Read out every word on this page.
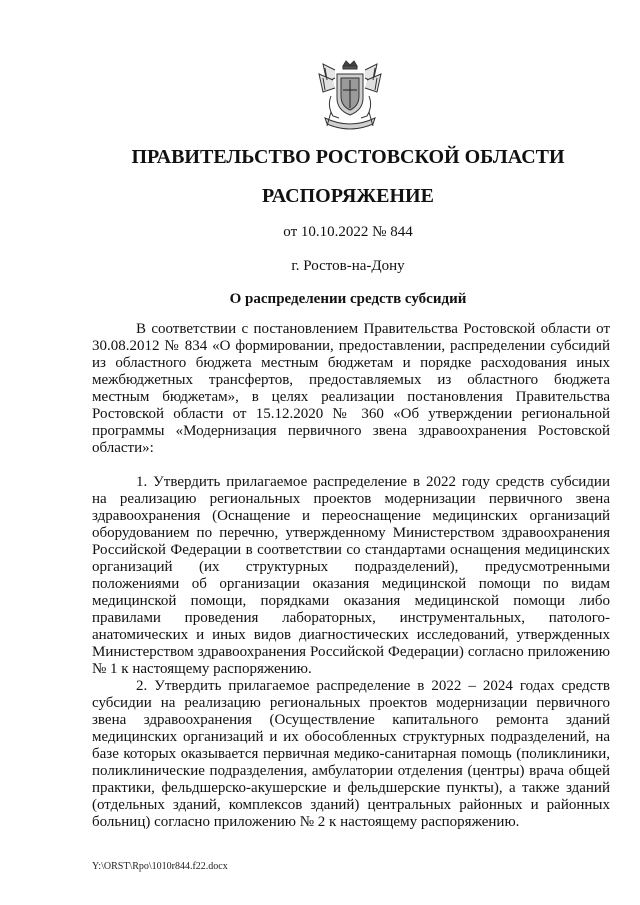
ПРАВИТЕЛЬСТВО РОСТОВСКОЙ ОБЛАСТИ
РАСПОРЯЖЕНИЕ
от 10.10.2022 № 844
г. Ростов-на-Дону
О распределении средств субсидий

В соответствии с постановлением Правительства Ростовской области от 30.08.2012 № 834 «О формировании, предоставлении, распределении субсидий из областного бюджета местным бюджетам и порядке расходования иных межбюджетных трансфертов, предоставляемых из областного бюджета местным бюджетам», в целях реализации постановления Правительства Ростовской области от 15.12.2020 № 360 «Об утверждении региональной программы «Модернизация первичного звена здравоохранения Ростовской области»:

1. Утвердить прилагаемое распределение в 2022 году средств субсидии на реализацию региональных проектов модернизации первичного звена здравоохранения (Оснащение и переоснащение медицинских организаций оборудованием по перечню, утвержденному Министерством здравоохранения Российской Федерации в соответствии со стандартами оснащения медицинских организаций (их структурных подразделений), предусмотренными положениями об организации оказания медицинской помощи по видам медицинской помощи, порядками оказания медицинской помощи либо правилами проведения лабораторных, инструментальных, патолого-анатомических и иных видов диагностических исследований, утвержденных Министерством здравоохранения Российской Федерации) согласно приложению № 1 к настоящему распоряжению.

2. Утвердить прилагаемое распределение в 2022 – 2024 годах средств субсидии на реализацию региональных проектов модернизации первичного звена здравоохранения (Осуществление капитального ремонта зданий медицинских организаций и их обособленных структурных подразделений, на базе которых оказывается первичная медико-санитарная помощь (поликлиники, поликлинические подразделения, амбулатории отделения (центры) врача общей практики, фельдшерско-акушерские и фельдшерские пункты), а также зданий (отдельных зданий, комплексов зданий) центральных районных и районных больниц) согласно приложению № 2 к настоящему распоряжению.

Y:\ORST\Rpo\1010r844.f22.docx
